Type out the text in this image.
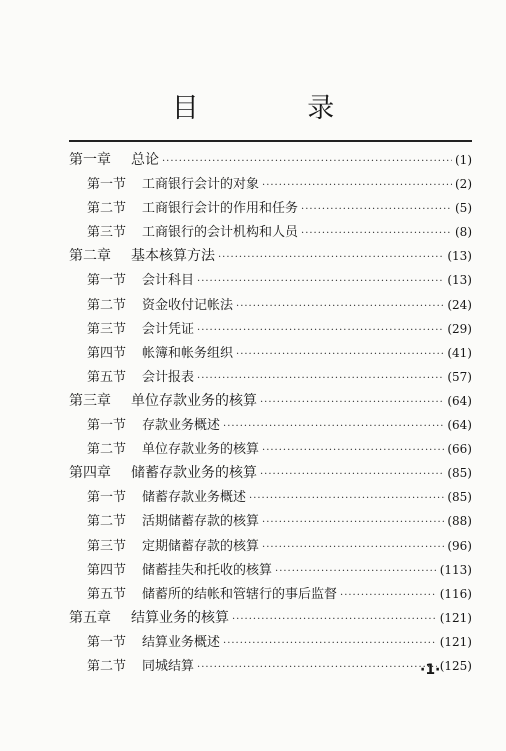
目 录
第一章 总论 ·····	(1)
第一节 工商银行会计的对象 ·····	(2)
第二节 工商银行会计的作用和任务 ·····	(5)
第三节 工商银行的会计机构和人员 ·····	(8)
第二章 基本核算方法 ·····	(13)
第一节 会计科目 ·····	(13)
第二节 资金收付记帐法 ·····	(24)
第三节 会计凭证 ·····	(29)
第四节 帐簿和帐务组织 ·····	(41)
第五节 会计报表 ·····	(57)
第三章 单位存款业务的核算 ·····	(64)
第一节 存款业务概述 ·····	(64)
第二节 单位存款业务的核算 ·····	(66)
第四章 储蓄存款业务的核算 ·····	(85)
第一节 储蓄存款业务概述 ·····	(85)
第二节 活期储蓄存款的核算 ·····	(88)
第三节 定期储蓄存款的核算 ·····	(96)
第四节 储蓄挂失和托收的核算 ·····	(113)
第五节 储蓄所的结帐和管辖行的事后监督 ·····	(116)
第五章 结算业务的核算 ·····	(121)
第一节 结算业务概述 ·····	(121)
第二节 同城结算 ·····	(125)
·1·
